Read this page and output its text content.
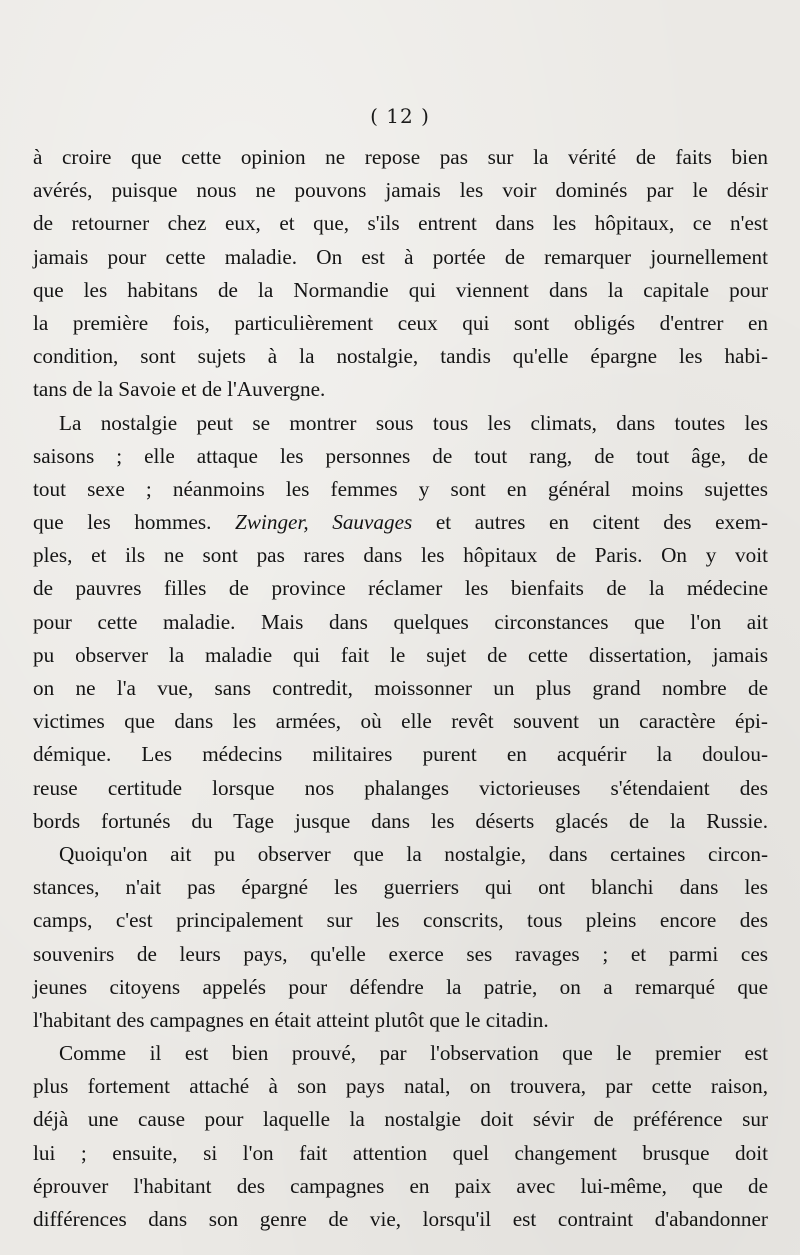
( 12 )
à croire que cette opinion ne repose pas sur la vérité de faits bien
avérés, puisque nous ne pouvons jamais les voir dominés par le désir
de retourner chez eux, et que, s'ils entrent dans les hôpitaux, ce n'est
jamais pour cette maladie. On est à portée de remarquer journellement
que les habitans de la Normandie qui viennent dans la capitale pour
la première fois, particulièrement ceux qui sont obligés d'entrer en
condition, sont sujets à la nostalgie, tandis qu'elle épargne les habi-
tans de la Savoie et de l'Auvergne.
La nostalgie peut se montrer sous tous les climats, dans toutes les
saisons ; elle attaque les personnes de tout rang, de tout âge, de
tout sexe ; néanmoins les femmes y sont en général moins sujettes
que les hommes. Zwinger, Sauvages et autres en citent des exem-
ples, et ils ne sont pas rares dans les hôpitaux de Paris. On y voit
de pauvres filles de province réclamer les bienfaits de la médecine
pour cette maladie. Mais dans quelques circonstances que l'on ait
pu observer la maladie qui fait le sujet de cette dissertation, jamais
on ne l'a vue, sans contredit, moissonner un plus grand nombre de
victimes que dans les armées, où elle revêt souvent un caractère épi-
démique. Les médecins militaires purent en acquérir la doulou-
reuse certitude lorsque nos phalanges victorieuses s'étendaient des
bords fortunés du Tage jusque dans les déserts glacés de la Russie.
Quoiqu'on ait pu observer que la nostalgie, dans certaines circon-
stances, n'ait pas épargné les guerriers qui ont blanchi dans les
camps, c'est principalement sur les conscrits, tous pleins encore des
souvenirs de leurs pays, qu'elle exerce ses ravages ; et parmi ces
jeunes citoyens appelés pour défendre la patrie, on a remarqué que
l'habitant des campagnes en était atteint plutôt que le citadin.
Comme il est bien prouvé, par l'observation que le premier est
plus fortement attaché à son pays natal, on trouvera, par cette raison,
déjà une cause pour laquelle la nostalgie doit sévir de préférence sur
lui ; ensuite, si l'on fait attention quel changement brusque doit
éprouver l'habitant des campagnes en paix avec lui-même, que de
différences dans son genre de vie, lorsqu'il est contraint d'abandonner
